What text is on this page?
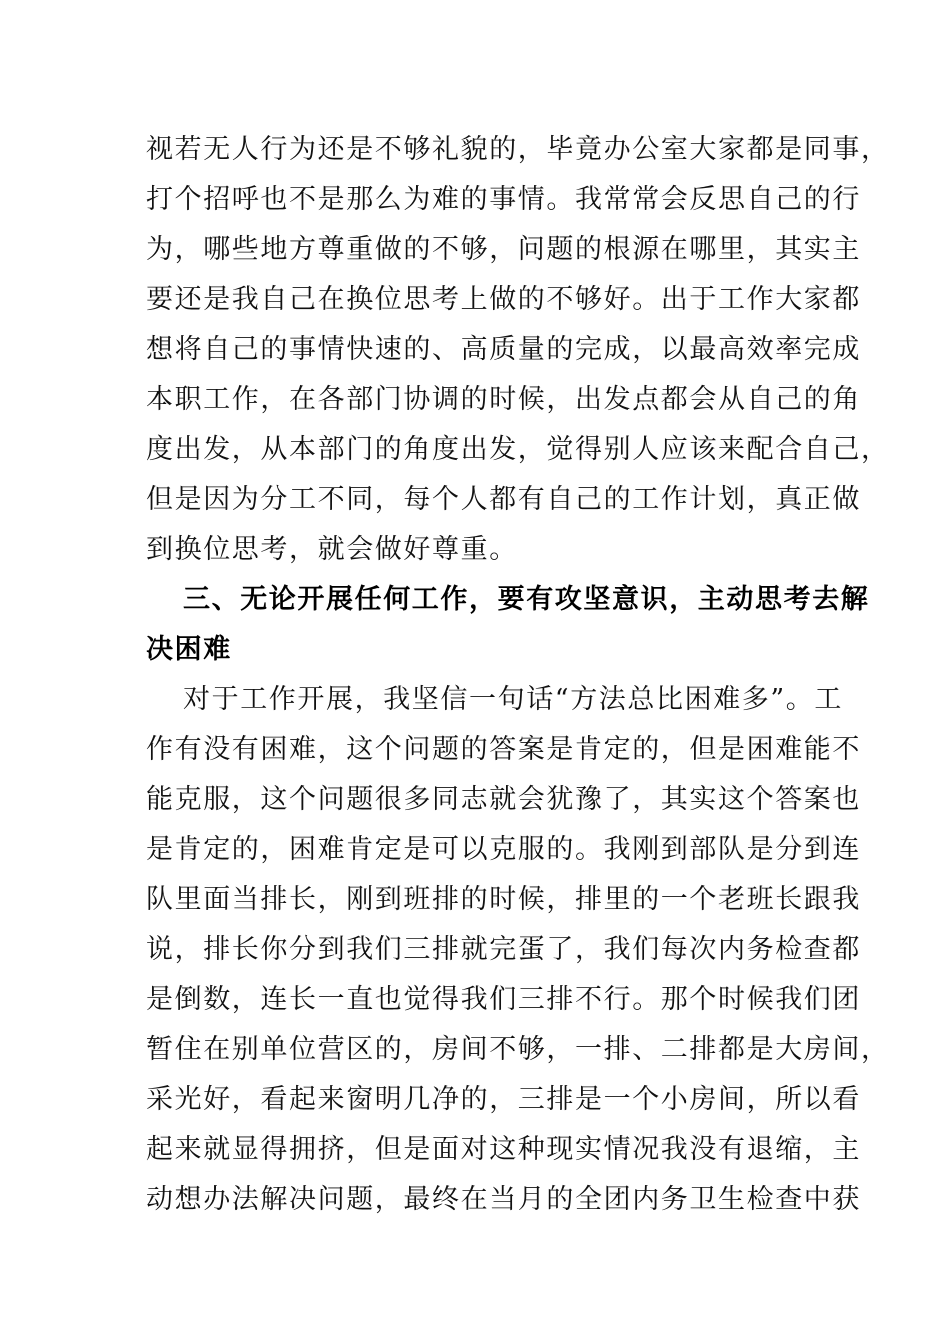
视若无人行为还是不够礼貌的，毕竟办公室大家都是同事，
打个招呼也不是那么为难的事情。我常常会反思自己的行
为，哪些地方尊重做的不够，问题的根源在哪里，其实主
要还是我自己在换位思考上做的不够好。出于工作大家都
想将自己的事情快速的、高质量的完成，以最高效率完成
本职工作，在各部门协调的时候，出发点都会从自己的角
度出发，从本部门的角度出发，觉得别人应该来配合自己，
但是因为分工不同，每个人都有自己的工作计划，真正做
到换位思考，就会做好尊重。
三、无论开展任何工作，要有攻坚意识，主动思考去解
决困难
对于工作开展，我坚信一句话“方法总比困难多”。工
作有没有困难，这个问题的答案是肯定的，但是困难能不
能克服，这个问题很多同志就会犹豫了，其实这个答案也
是肯定的，困难肯定是可以克服的。我刚到部队是分到连
队里面当排长，刚到班排的时候，排里的一个老班长跟我
说，排长你分到我们三排就完蛋了，我们每次内务检查都
是倒数，连长一直也觉得我们三排不行。那个时候我们团
暂住在别单位营区的，房间不够，一排、二排都是大房间，
采光好，看起来窗明几净的，三排是一个小房间，所以看
起来就显得拥挤，但是面对这种现实情况我没有退缩，主
动想办法解决问题，最终在当月的全团内务卫生检查中获
